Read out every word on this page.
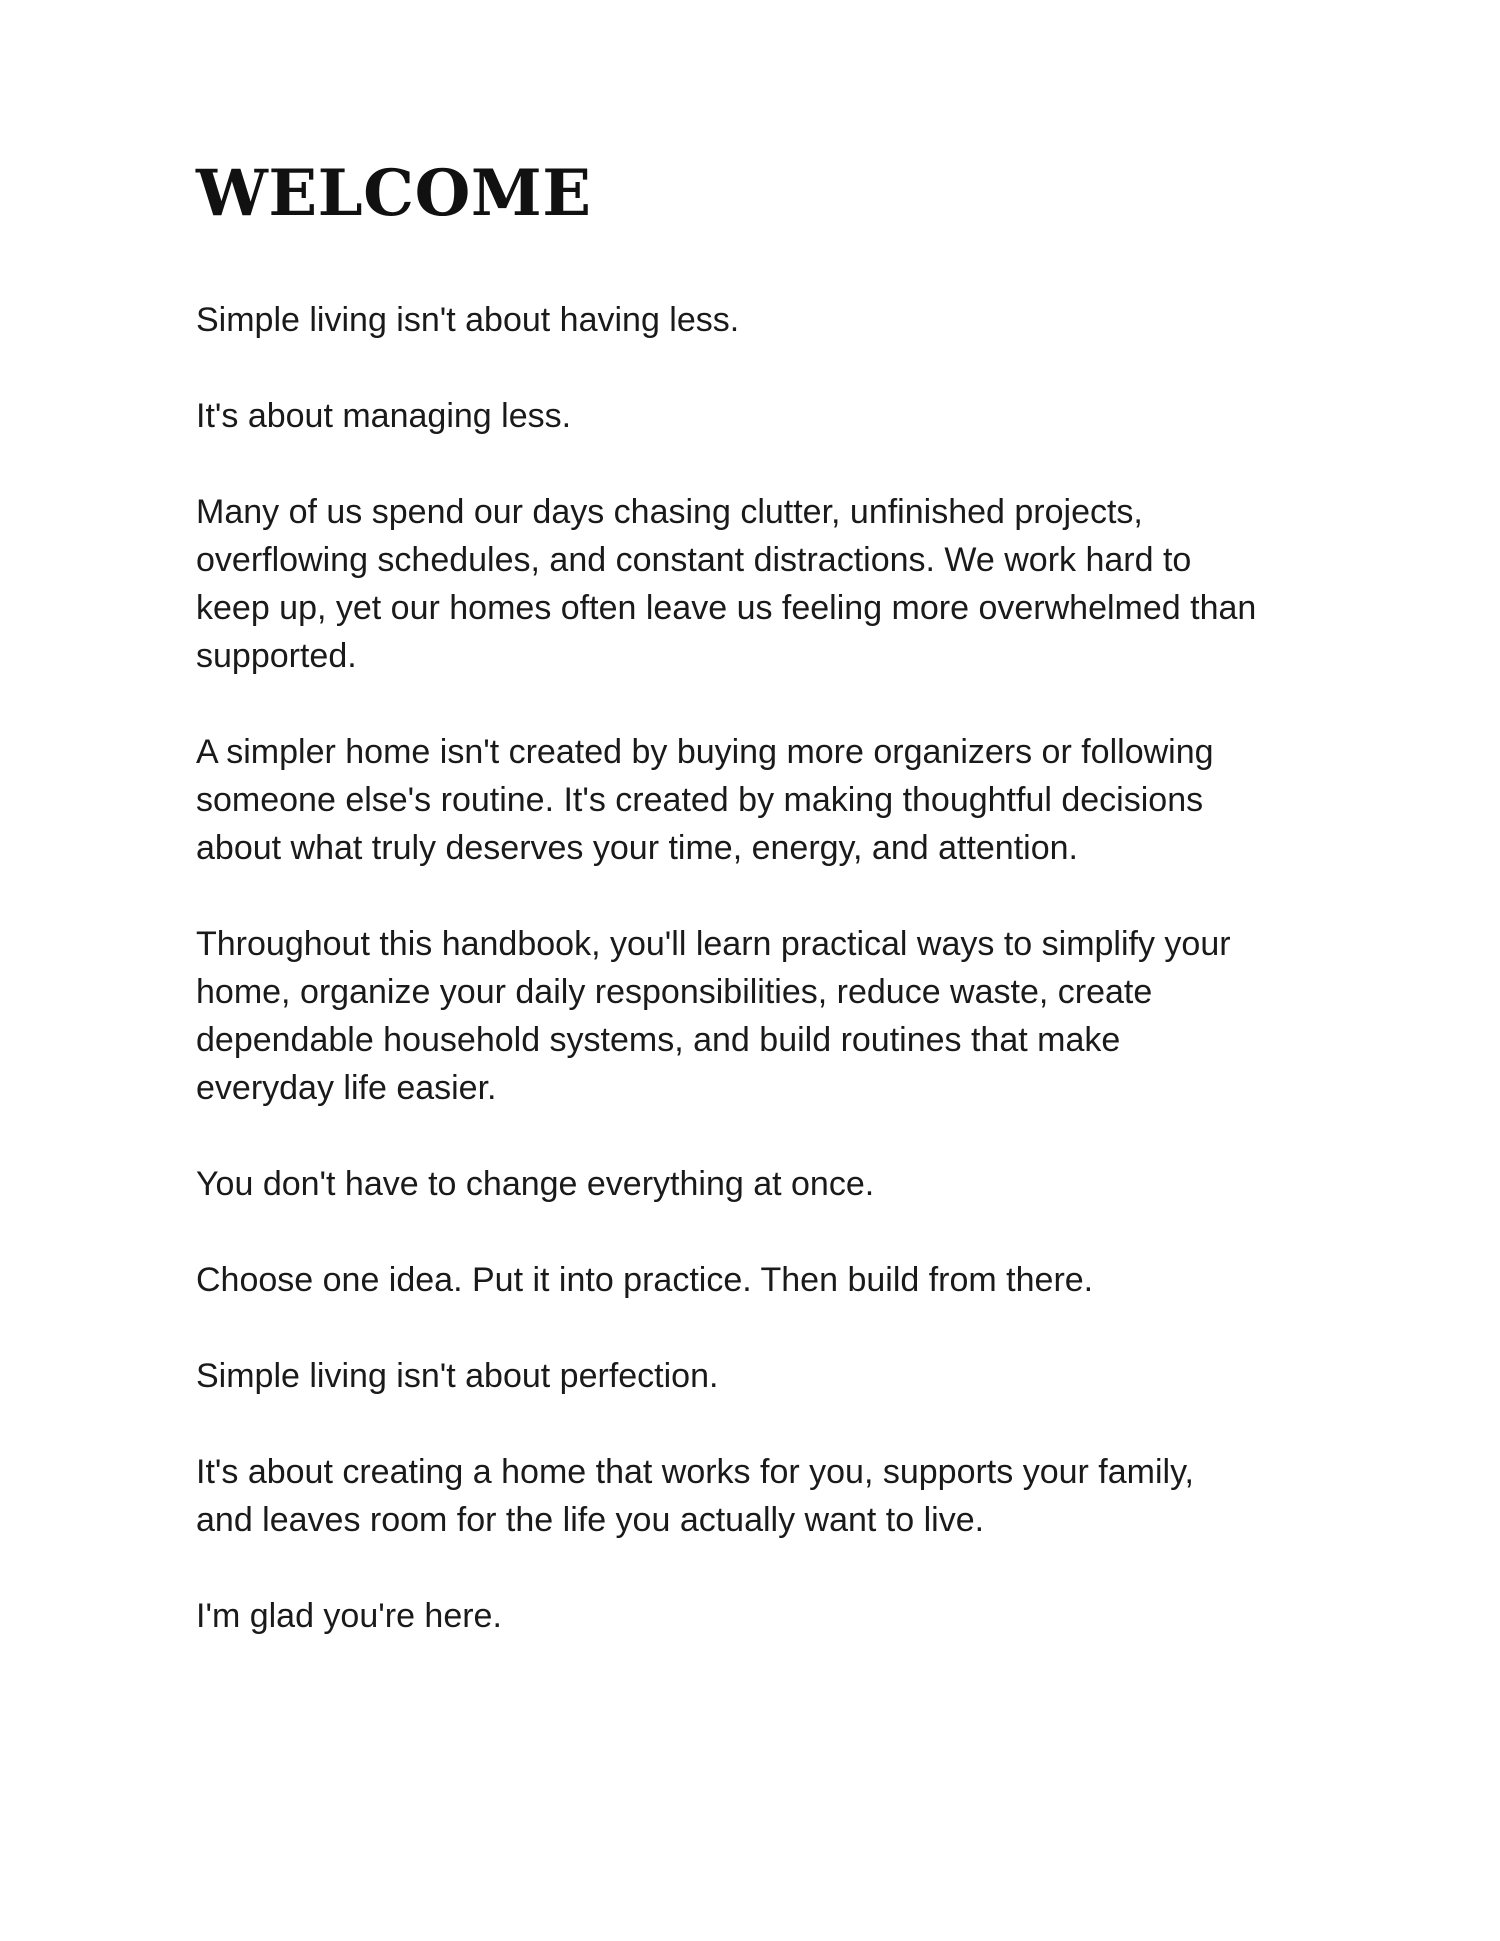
WELCOME

Simple living isn't about having less.

It's about managing less.

Many of us spend our days chasing clutter, unfinished projects,
overflowing schedules, and constant distractions. We work hard to
keep up, yet our homes often leave us feeling more overwhelmed than
supported.

A simpler home isn't created by buying more organizers or following
someone else's routine. It's created by making thoughtful decisions
about what truly deserves your time, energy, and attention.

Throughout this handbook, you'll learn practical ways to simplify your
home, organize your daily responsibilities, reduce waste, create
dependable household systems, and build routines that make
everyday life easier.

You don't have to change everything at once.

Choose one idea. Put it into practice. Then build from there.

Simple living isn't about perfection.

It's about creating a home that works for you, supports your family,
and leaves room for the life you actually want to live.

I'm glad you're here.
